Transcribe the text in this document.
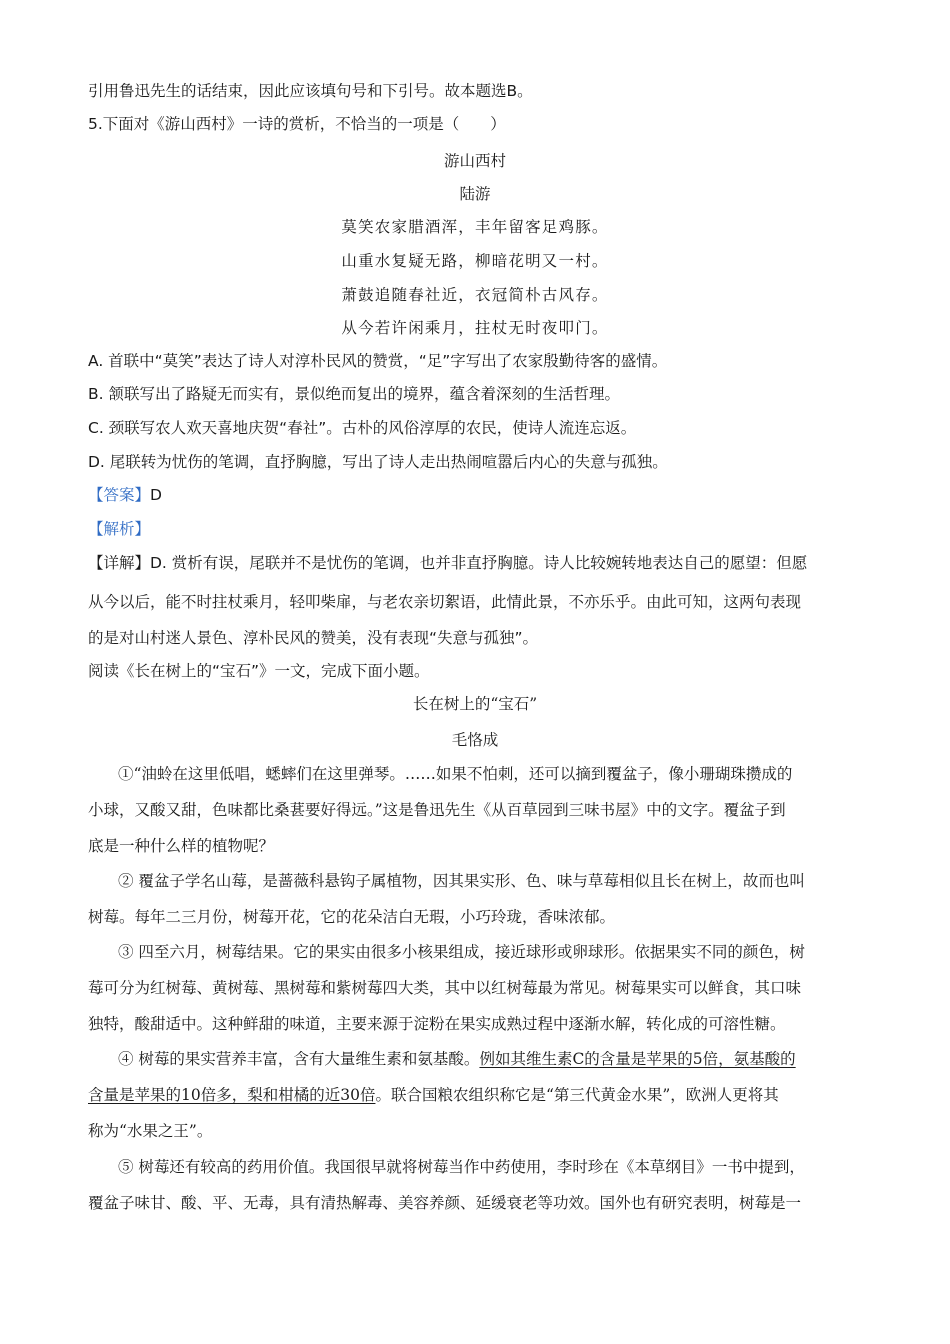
引用鲁迅先生的话结束，因此应该填句号和下引号。故本题选B。
5.下面对《游山西村》一诗的赏析，不恰当的一项是（　　）
游山西村
陆游
莫笑农家腊酒浑，丰年留客足鸡豚。
山重水复疑无路，柳暗花明又一村。
萧鼓追随春社近，衣冠简朴古风存。
从今若许闲乘月，拄杖无时夜叩门。
A. 首联中“莫笑”表达了诗人对淳朴民风的赞赏，“足”字写出了农家殷勤待客的盛情。
B. 颔联写出了路疑无而实有，景似绝而复出的境界，蕴含着深刻的生活哲理。
C. 颈联写农人欢天喜地庆贺“春社”。古朴的风俗淳厚的农民，使诗人流连忘返。
D. 尾联转为忧伤的笔调，直抒胸臆，写出了诗人走出热闹喧嚣后内心的失意与孤独。
【答案】D
【解析】
【详解】D. 赏析有误，尾联并不是忧伤的笔调，也并非直抒胸臆。诗人比较婉转地表达自己的愿望：但愿
从今以后，能不时拄杖乘月，轻叩柴扉，与老农亲切絮语，此情此景，不亦乐乎。由此可知，这两句表现
的是对山村迷人景色、淳朴民风的赞美，没有表现“失意与孤独”。
阅读《长在树上的“宝石”》一文，完成下面小题。
长在树上的“宝石”
毛恪成
①“油蛉在这里低唱，蟋蟀们在这里弹琴。……如果不怕刺，还可以摘到覆盆子，像小珊瑚珠攒成的
小球，又酸又甜，色味都比桑葚要好得远。”这是鲁迅先生《从百草园到三味书屋》中的文字。覆盆子到
底是一种什么样的植物呢？
② 覆盆子学名山莓，是蔷薇科悬钩子属植物，因其果实形、色、味与草莓相似且长在树上，故而也叫
树莓。每年二三月份，树莓开花，它的花朵洁白无瑕，小巧玲珑，香味浓郁。
③ 四至六月，树莓结果。它的果实由很多小核果组成，接近球形或卵球形。依据果实不同的颜色，树
莓可分为红树莓、黄树莓、黑树莓和紫树莓四大类，其中以红树莓最为常见。树莓果实可以鲜食，其口味
独特，酸甜适中。这种鲜甜的味道，主要来源于淀粉在果实成熟过程中逐渐水解，转化成的可溶性糖。
④ 树莓的果实营养丰富，含有大量维生素和氨基酸。例如其维生素C的含量是苹果的5倍，氨基酸的
含量是苹果的10倍多，梨和柑橘的近30倍。联合国粮农组织称它是“第三代黄金水果”，欧洲人更将其
称为“水果之王”。
⑤ 树莓还有较高的药用价值。我国很早就将树莓当作中药使用，李时珍在《本草纲目》一书中提到，
覆盆子味甘、酸、平、无毒，具有清热解毒、美容养颜、延缓衰老等功效。国外也有研究表明，树莓是一
